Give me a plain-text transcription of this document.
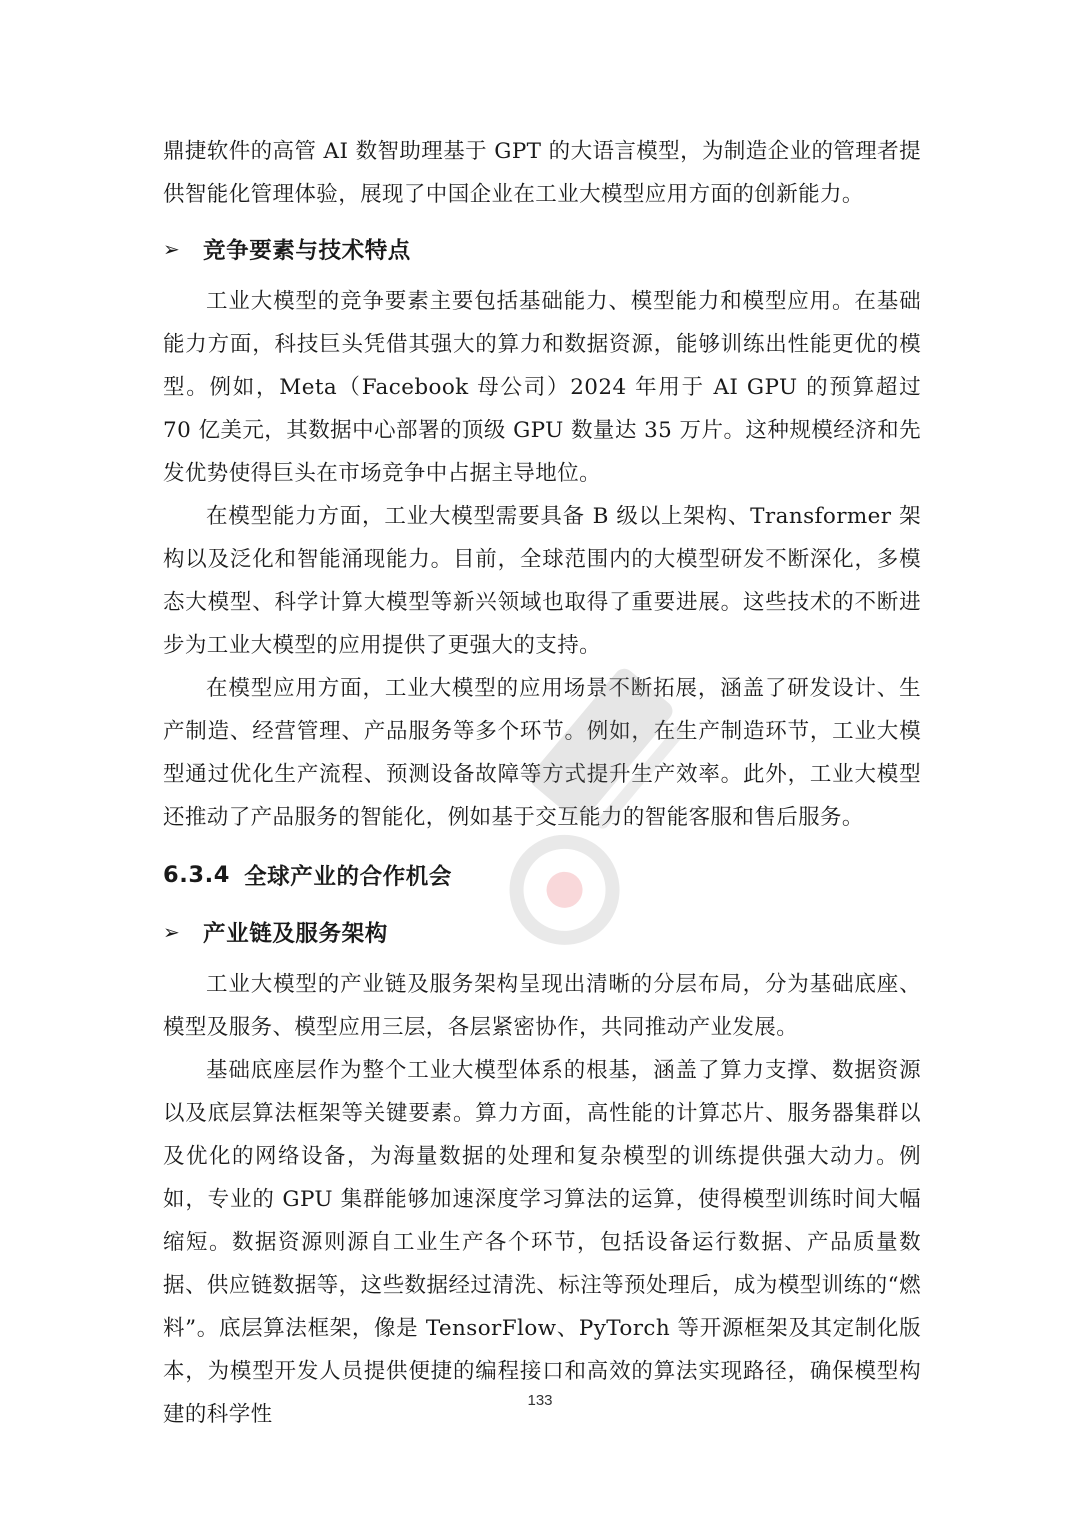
鼎捷软件的高管 AI 数智助理基于 GPT 的大语言模型，为制造企业的管理者提供智能化管理体验，展现了中国企业在工业大模型应用方面的创新能力。

➢	竞争要素与技术特点

工业大模型的竞争要素主要包括基础能力、模型能力和模型应用。在基础能力方面，科技巨头凭借其强大的算力和数据资源，能够训练出性能更优的模型。例如，Meta（Facebook 母公司）2024 年用于 AI GPU 的预算超过 70 亿美元，其数据中心部署的顶级 GPU 数量达 35 万片。这种规模经济和先发优势使得巨头在市场竞争中占据主导地位。

在模型能力方面，工业大模型需要具备 B 级以上架构、Transformer 架构以及泛化和智能涌现能力。目前，全球范围内的大模型研发不断深化，多模态大模型、科学计算大模型等新兴领域也取得了重要进展。这些技术的不断进步为工业大模型的应用提供了更强大的支持。

在模型应用方面，工业大模型的应用场景不断拓展，涵盖了研发设计、生产制造、经营管理、产品服务等多个环节。例如，在生产制造环节，工业大模型通过优化生产流程、预测设备故障等方式提升生产效率。此外，工业大模型还推动了产品服务的智能化，例如基于交互能力的智能客服和售后服务。

6.3.4 全球产业的合作机会
➢	产业链及服务架构

工业大模型的产业链及服务架构呈现出清晰的分层布局，分为基础底座、模型及服务、模型应用三层，各层紧密协作，共同推动产业发展。

基础底座层作为整个工业大模型体系的根基，涵盖了算力支撑、数据资源以及底层算法框架等关键要素。算力方面，高性能的计算芯片、服务器集群以及优化的网络设备，为海量数据的处理和复杂模型的训练提供强大动力。例如，专业的 GPU 集群能够加速深度学习算法的运算，使得模型训练时间大幅缩短。数据资源则源自工业生产各个环节，包括设备运行数据、产品质量数据、供应链数据等，这些数据经过清洗、标注等预处理后，成为模型训练的“燃料”。底层算法框架，像是 TensorFlow、PyTorch 等开源框架及其定制化版本，为模型开发人员提供便捷的编程接口和高效的算法实现路径，确保模型构建的科学性

133
